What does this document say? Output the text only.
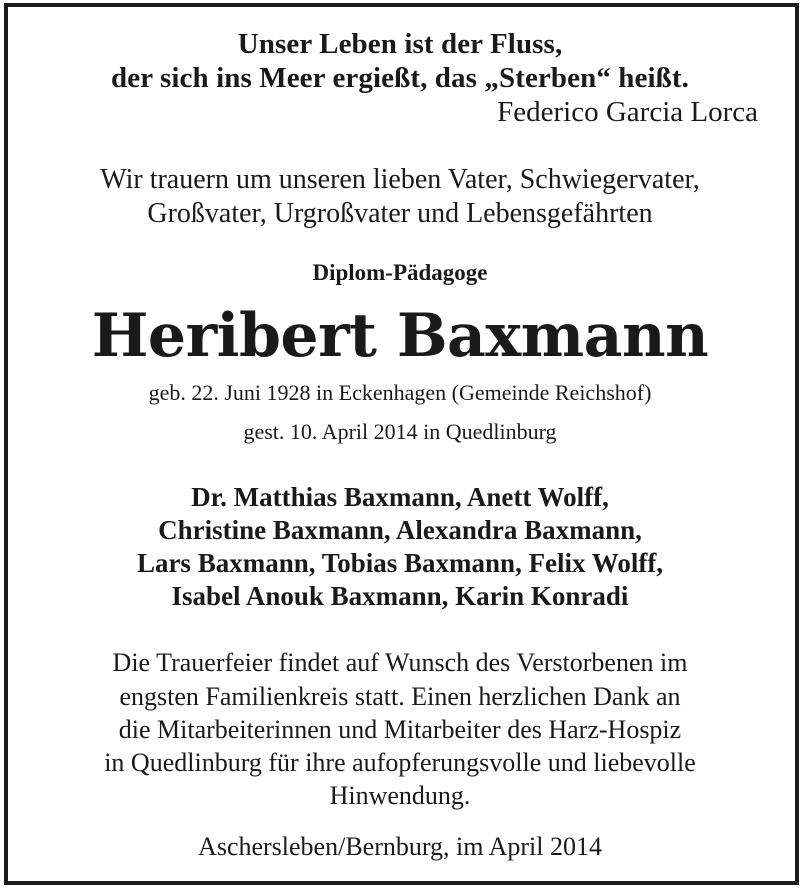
Unser Leben ist der Fluss,
der sich ins Meer ergießt, das „Sterben“ heißt.
Federico Garcia Lorca
Wir trauern um unseren lieben Vater, Schwiegervater,
Großvater, Urgroßvater und Lebensgefährten
Diplom-Pädagoge
Heribert Baxmann
geb. 22. Juni 1928 in Eckenhagen (Gemeinde Reichshof)
gest. 10. April 2014 in Quedlinburg
Dr. Matthias Baxmann, Anett Wolff,
Christine Baxmann, Alexandra Baxmann,
Lars Baxmann, Tobias Baxmann, Felix Wolff,
Isabel Anouk Baxmann, Karin Konradi
Die Trauerfeier findet auf Wunsch des Verstorbenen im
engsten Familienkreis statt. Einen herzlichen Dank an
die Mitarbeiterinnen und Mitarbeiter des Harz-Hospiz
in Quedlinburg für ihre aufopferungsvolle und liebevolle
Hinwendung.
Aschersleben/Bernburg, im April 2014
